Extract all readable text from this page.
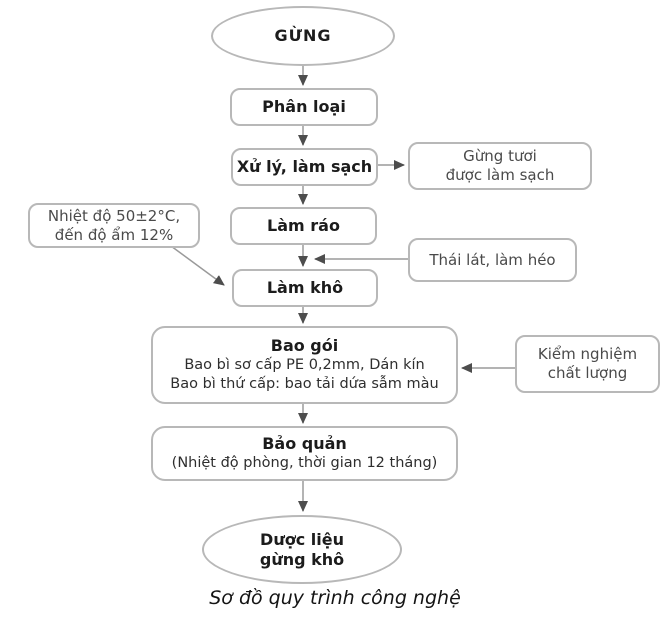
GỪNG
Phân loại
Xử lý, làm sạch
Làm ráo
Làm khô
Bao gói
Bao bì sơ cấp PE 0,2mm, Dán kín
Bao bì thứ cấp: bao tải dứa sẫm màu
Bảo quản
(Nhiệt độ phòng, thời gian 12 tháng)
Gừng tươi
được làm sạch
Nhiệt độ 50±2°C,
đến độ ẩm 12%
Thái lát, làm héo
Kiểm nghiệm
chất lượng
Dược liệu
gừng khô
Sơ đồ quy trình công nghệ
